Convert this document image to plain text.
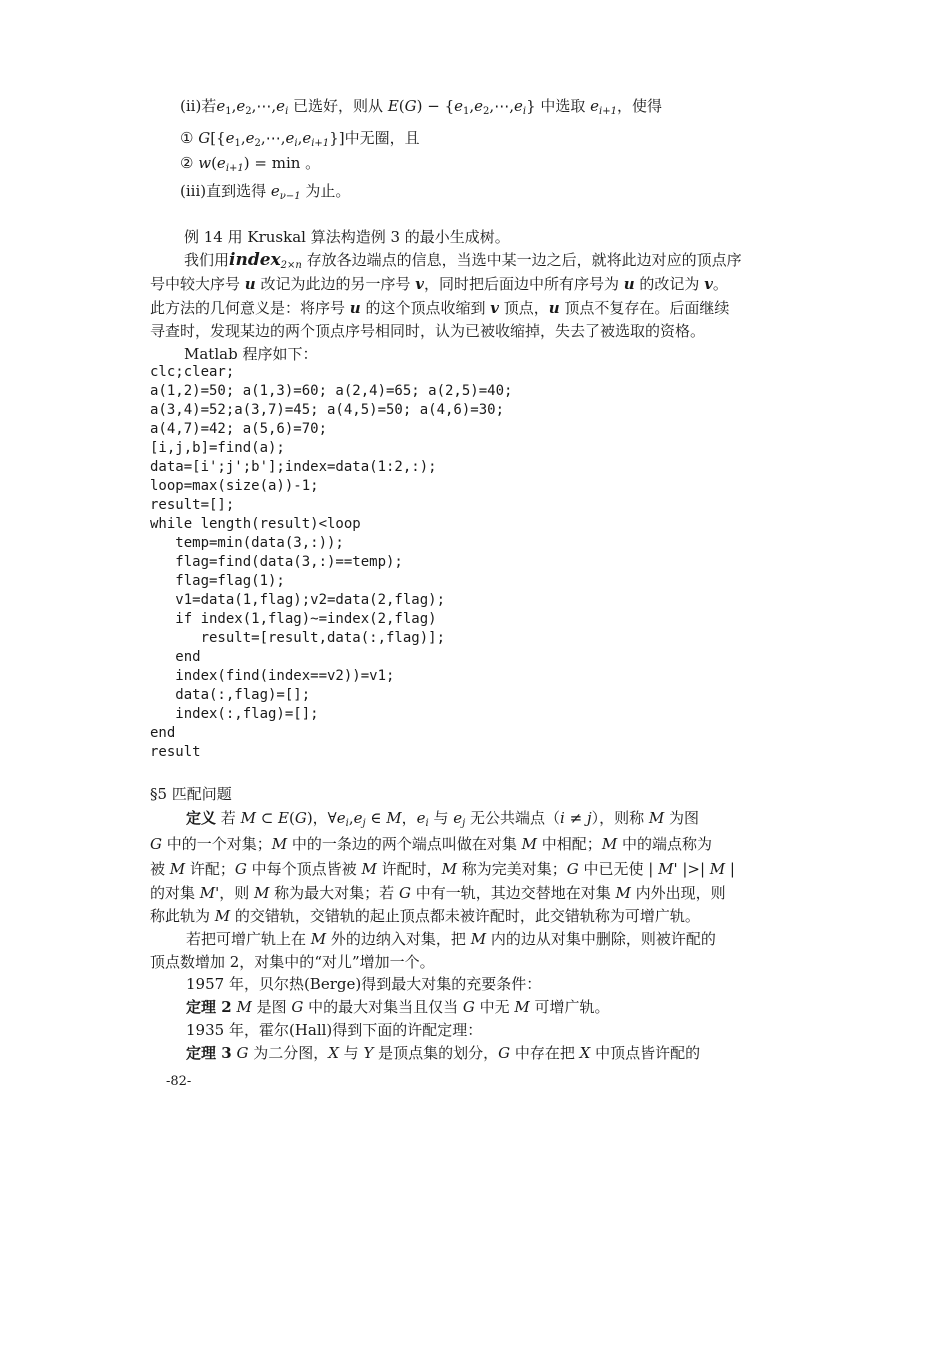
(ii)若$e_1,e_2,\cdots,e_i$ 已选好，则从 $E(G) - \{e_1,e_2,\cdots,e_i\}$ 中选取 $e_{i+1}$，使得
① $G[\{e_1,e_2,\cdots,e_i,e_{i+1}\}]$中无圈，且
② $w(e_{i+1}) = \min$ 。
(iii)直到选得 $e_{\nu-1}$ 为止。
例 14 用 Kruskal 算法构造例 3 的最小生成树。
我们用index$_{2\times n}$ 存放各边端点的信息，当选中某一边之后，就将此边对应的顶点序
号中较大序号 u 改记为此边的另一序号 v，同时把后面边中所有序号为 u 的改记为 v。
此方法的几何意义是：将序号 u 的这个顶点收缩到 v 顶点，u 顶点不复存在。后面继续
寻查时，发现某边的两个顶点序号相同时，认为已被收缩掉，失去了被选取的资格。
Matlab 程序如下：
clc;clear;
a(1,2)=50; a(1,3)=60; a(2,4)=65; a(2,5)=40;
a(3,4)=52;a(3,7)=45; a(4,5)=50; a(4,6)=30;
a(4,7)=42; a(5,6)=70;
[i,j,b]=find(a);
data=[i';j';b'];index=data(1:2,:);
loop=max(size(a))-1;
result=[];
while length(result)<loop
temp=min(data(3,:));
flag=find(data(3,:)==temp);
flag=flag(1);
v1=data(1,flag);v2=data(2,flag);
if index(1,flag)~=index(2,flag)
result=[result,data(:,flag)];
end
index(find(index==v2))=v1;
data(:,flag)=[];
index(:,flag)=[];
end
result
§5 匹配问题
定义 若 M ⊂ E(G)，$\forall e_i,e_j$ ∈ M，$e_i$ 与 $e_j$ 无公共端点（i ≠ j），则称 M 为图
G 中的一个对集；M 中的一条边的两个端点叫做在对集 M 中相配；M 中的端点称为
被 M 许配；G 中每个顶点皆被 M 许配时，M 称为完美对集；G 中已无使 | M' |>| M |
的对集 M'，则 M 称为最大对集；若 G 中有一轨，其边交替地在对集 M 内外出现，则
称此轨为 M 的交错轨，交错轨的起止顶点都未被许配时，此交错轨称为可增广轨。
若把可增广轨上在 M 外的边纳入对集，把 M 内的边从对集中删除，则被许配的
顶点数增加 2，对集中的“对儿”增加一个。
1957 年，贝尔热(Berge)得到最大对集的充要条件：
定理 2 M 是图 G 中的最大对集当且仅当 G 中无 M 可增广轨。
1935 年，霍尔(Hall)得到下面的许配定理：
定理 3 G 为二分图，X 与 Y 是顶点集的划分，G 中存在把 X 中顶点皆许配的
-82-
